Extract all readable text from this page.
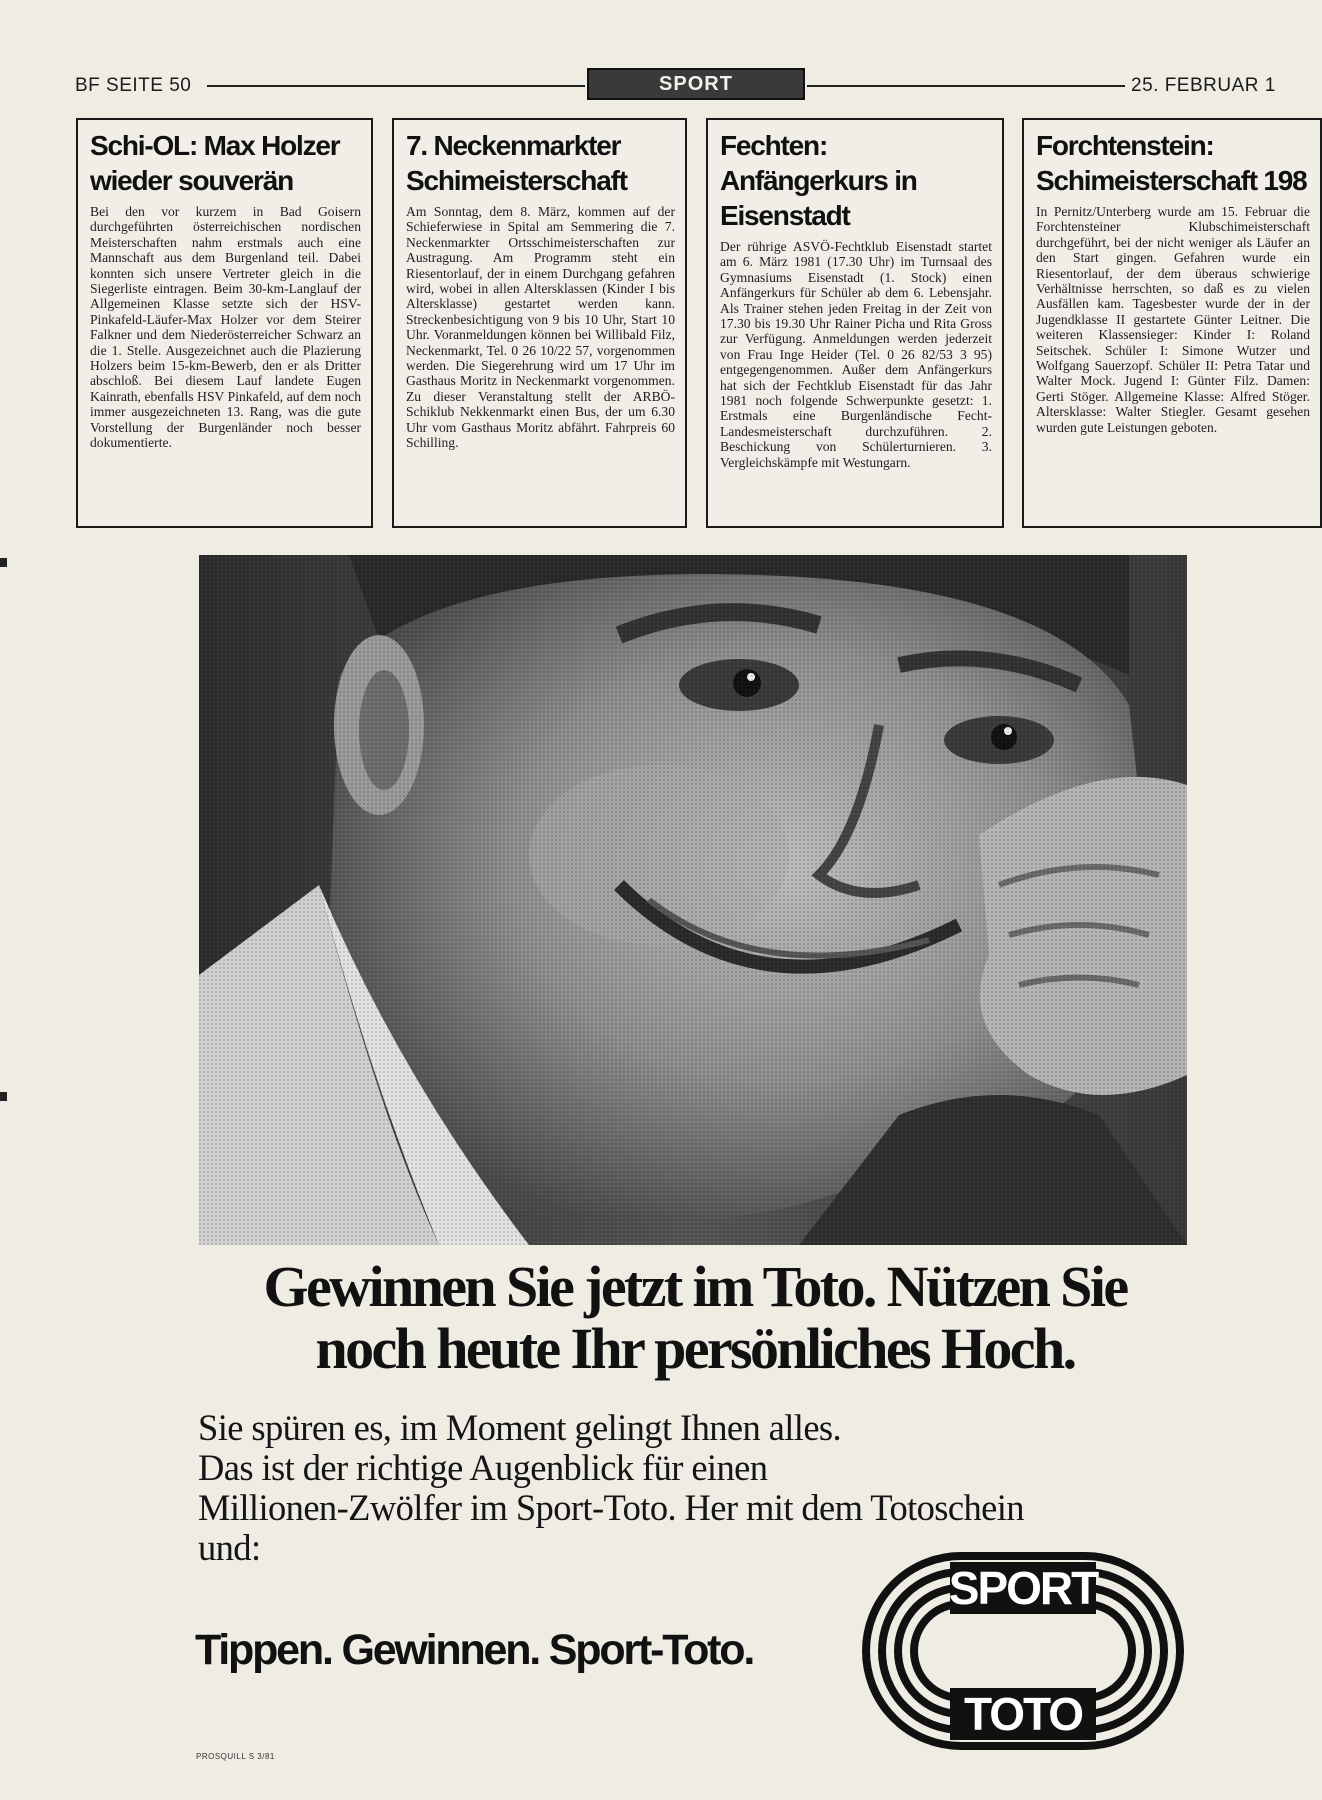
BF SEITE 50	SPORT	25. FEBRUAR 1
Schi-OL: Max Holzer wieder souverän

Bei den vor kurzem in Bad Goisern durchgeführten österreichischen nordischen Meisterschaften nahm erstmals auch eine Mannschaft aus dem Burgenland teil. Dabei konnten sich unsere Vertreter gleich in die Siegerliste eintragen. Beim 30-km-Langlauf der Allgemeinen Klasse setzte sich der HSV-Pinkafeld-Läufer-Max Holzer vor dem Steirer Falkner und dem Niederösterreicher Schwarz an die 1. Stelle. Ausgezeichnet auch die Plazierung Holzers beim 15-km-Bewerb, den er als Dritter abschloß. Bei diesem Lauf landete Eugen Kainrath, ebenfalls HSV Pinkafeld, auf dem noch immer ausgezeichneten 13. Rang, was die gute Vorstellung der Burgenländer noch besser dokumentierte.

7. Neckenmarkter Schimeisterschaft

Am Sonntag, dem 8. März, kommen auf der Schieferwiese in Spital am Semmering die 7. Neckenmarkter Ortsschimeisterschaften zur Austragung. Am Programm steht ein Riesentorlauf, der in einem Durchgang gefahren wird, wobei in allen Altersklassen (Kinder I bis Altersklasse) gestartet werden kann. Streckenbesichtigung von 9 bis 10 Uhr, Start 10 Uhr. Voranmeldungen können bei Willibald Filz, Neckenmarkt, Tel. 0 26 10/22 57, vorgenommen werden. Die Siegerehrung wird um 17 Uhr im Gasthaus Moritz in Neckenmarkt vorgenommen. Zu dieser Veranstaltung stellt der ARBÖ-Schiklub Nekkenmarkt einen Bus, der um 6.30 Uhr vom Gasthaus Moritz abfährt. Fahrpreis 60 Schilling.

Fechten: Anfängerkurs in Eisenstadt

Der rührige ASVÖ-Fechtklub Eisenstadt startet am 6. März 1981 (17.30 Uhr) im Turnsaal des Gymnasiums Eisenstadt (1. Stock) einen Anfängerkurs für Schüler ab dem 6. Lebensjahr. Als Trainer stehen jeden Freitag in der Zeit von 17.30 bis 19.30 Uhr Rainer Picha und Rita Gross zur Verfügung. Anmeldungen werden jederzeit von Frau Inge Heider (Tel. 0 26 82/53 3 95) entgegengenommen. Außer dem Anfängerkurs hat sich der Fechtklub Eisenstadt für das Jahr 1981 noch folgende Schwerpunkte gesetzt: 1. Erstmals eine Burgenländische Fecht-Landesmeisterschaft durchzuführen. 2. Beschickung von Schülerturnieren. 3. Vergleichskämpfe mit Westungarn.

Forchtenstein: Schimeisterschaft 198

In Pernitz/Unterberg wurde am 15. Februar die Forchtensteiner Klubschimeisterschaft durchgeführt, bei der nicht weniger als Läufer an den Start gingen. Gefahren wurde ein Riesentorlauf, der dem überaus schwierige Verhältnisse herrschten, so daß es zu vielen Ausfällen kam. Tagesbester wurde der in der Jugendklasse II gestartete Günter Leitner. Die weiteren Klassensieger: Kinder I: Roland Seitschek. Schüler I: Simone Wutzer und Wolfgang Sauerzopf. Schüler II: Petra Tatar und Walter Mock. Jugend I: Günter Filz. Damen: Gerti Stöger. Allgemeine Klasse: Alfred Stöger. Altersklasse: Walter Stiegler. Gesamt gesehen wurden gute Leistungen geboten.

Gewinnen Sie jetzt im Toto. Nützen Sie
noch heute Ihr persönliches Hoch.

Sie spüren es, im Moment gelingt Ihnen alles.
Das ist der richtige Augenblick für einen
Millionen-Zwölfer im Sport-Toto. Her mit dem Totoschein
und:

Tippen. Gewinnen. Sport-Toto.

PROSQUILL S 3/81
SPORT
TOTO
